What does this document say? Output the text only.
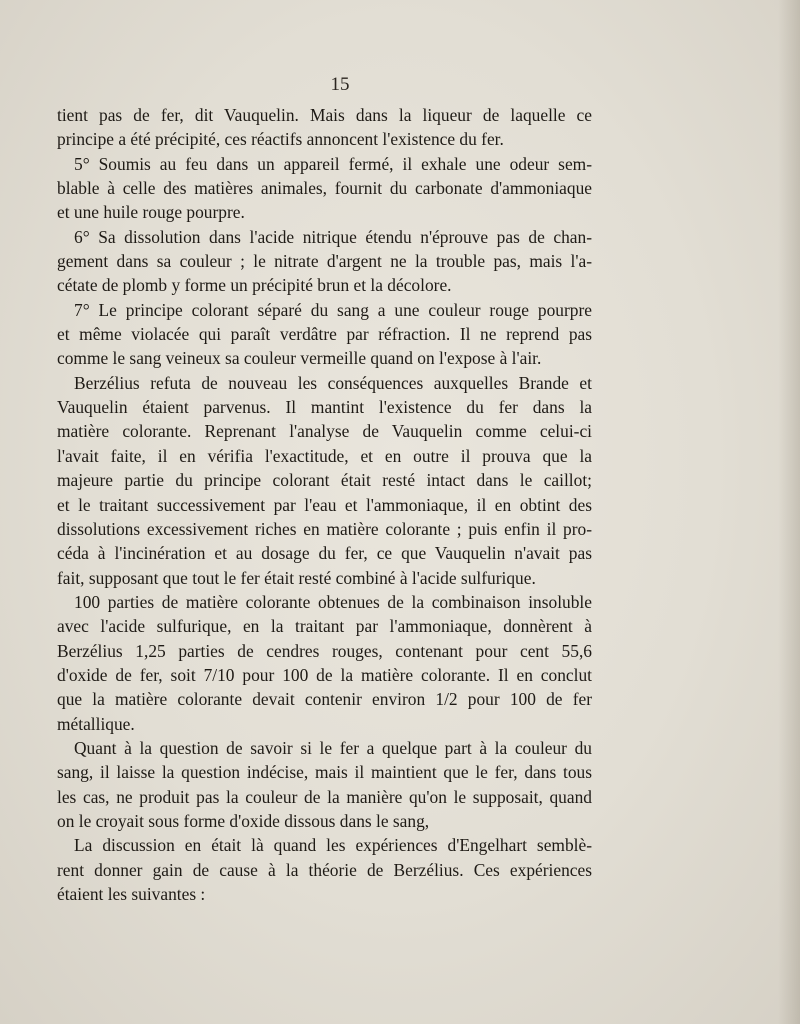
15
tient pas de fer, dit Vauquelin. Mais dans la liqueur de laquelle ce
principe a été précipité, ces réactifs annoncent l'existence du fer.
5° Soumis au feu dans un appareil fermé, il exhale une odeur sem-
blable à celle des matières animales, fournit du carbonate d'ammoniaque
et une huile rouge pourpre.
6° Sa dissolution dans l'acide nitrique étendu n'éprouve pas de chan-
gement dans sa couleur ; le nitrate d'argent ne la trouble pas, mais l'a-
cétate de plomb y forme un précipité brun et la décolore.
7° Le principe colorant séparé du sang a une couleur rouge pourpre
et même violacée qui paraît verdâtre par réfraction. Il ne reprend pas
comme le sang veineux sa couleur vermeille quand on l'expose à l'air.
Berzélius refuta de nouveau les conséquences auxquelles Brande et
Vauquelin étaient parvenus. Il mantint l'existence du fer dans la
matière colorante. Reprenant l'analyse de Vauquelin comme celui-ci
l'avait faite, il en vérifia l'exactitude, et en outre il prouva que la
majeure partie du principe colorant était resté intact dans le caillot;
et le traitant successivement par l'eau et l'ammoniaque, il en obtint des
dissolutions excessivement riches en matière colorante ; puis enfin il pro-
céda à l'incinération et au dosage du fer, ce que Vauquelin n'avait pas
fait, supposant que tout le fer était resté combiné à l'acide sulfurique.
100 parties de matière colorante obtenues de la combinaison insoluble
avec l'acide sulfurique, en la traitant par l'ammoniaque, donnèrent à
Berzélius 1,25 parties de cendres rouges, contenant pour cent 55,6
d'oxide de fer, soit 7/10 pour 100 de la matière colorante. Il en conclut
que la matière colorante devait contenir environ 1/2 pour 100 de fer
métallique.
Quant à la question de savoir si le fer a quelque part à la couleur du
sang, il laisse la question indécise, mais il maintient que le fer, dans tous
les cas, ne produit pas la couleur de la manière qu'on le supposait, quand
on le croyait sous forme d'oxide dissous dans le sang,
La discussion en était là quand les expériences d'Engelhart semblè-
rent donner gain de cause à la théorie de Berzélius. Ces expériences
étaient les suivantes :
